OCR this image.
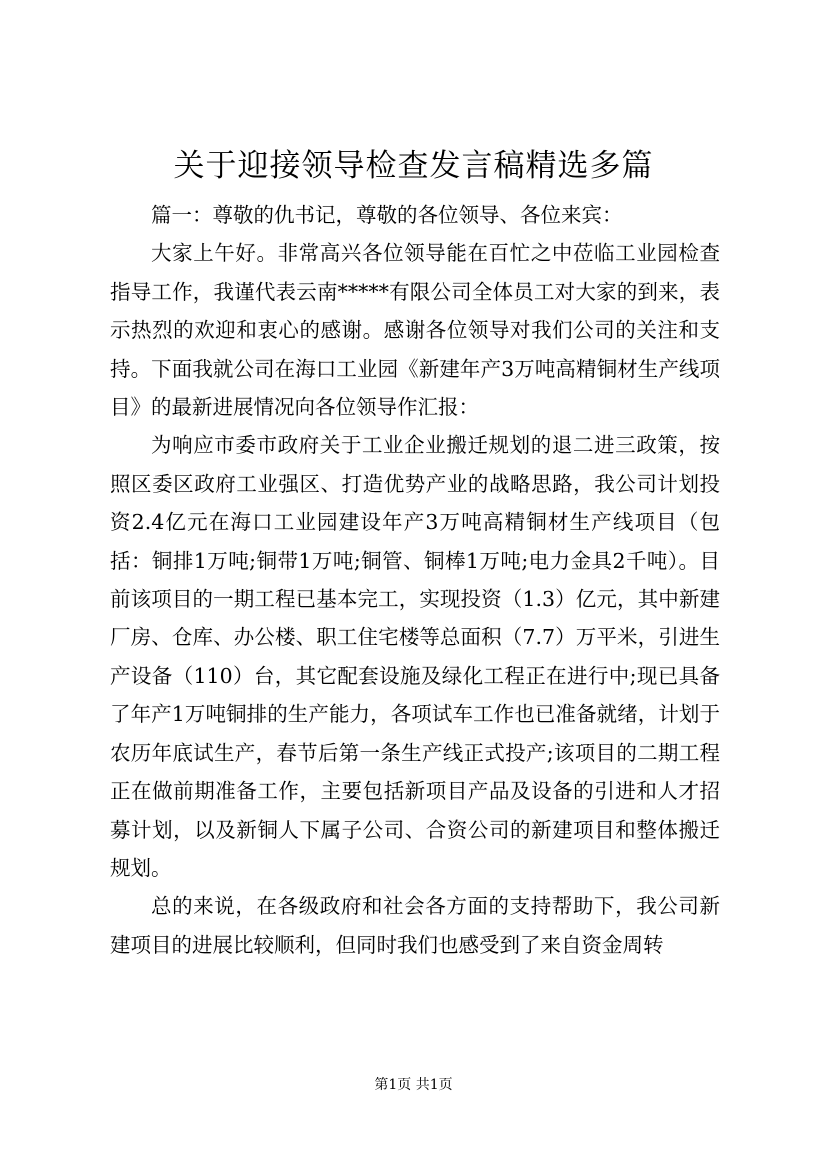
关于迎接领导检查发言稿精选多篇

篇一：尊敬的仇书记，尊敬的各位领导、各位来宾：

大家上午好。非常高兴各位领导能在百忙之中莅临工业园检查指导工作，我谨代表云南*****有限公司全体员工对大家的到来，表示热烈的欢迎和衷心的感谢。感谢各位领导对我们公司的关注和支持。下面我就公司在海口工业园《新建年产3万吨高精铜材生产线项目》的最新进展情况向各位领导作汇报：

为响应市委市政府关于工业企业搬迁规划的退二进三政策，按照区委区政府工业强区、打造优势产业的战略思路，我公司计划投资2.4亿元在海口工业园建设年产3万吨高精铜材生产线项目（包括：铜排1万吨;铜带1万吨;铜管、铜棒1万吨;电力金具2千吨）。目前该项目的一期工程已基本完工，实现投资（1.3）亿元，其中新建厂房、仓库、办公楼、职工住宅楼等总面积（7.7）万平米，引进生产设备（110）台，其它配套设施及绿化工程正在进行中;现已具备了年产1万吨铜排的生产能力，各项试车工作也已准备就绪，计划于农历年底试生产，春节后第一条生产线正式投产;该项目的二期工程正在做前期准备工作，主要包括新项目产品及设备的引进和人才招募计划，以及新铜人下属子公司、合资公司的新建项目和整体搬迁规划。

总的来说，在各级政府和社会各方面的支持帮助下，我公司新建项目的进展比较顺利，但同时我们也感受到了来自资金周转

第1页 共1页
